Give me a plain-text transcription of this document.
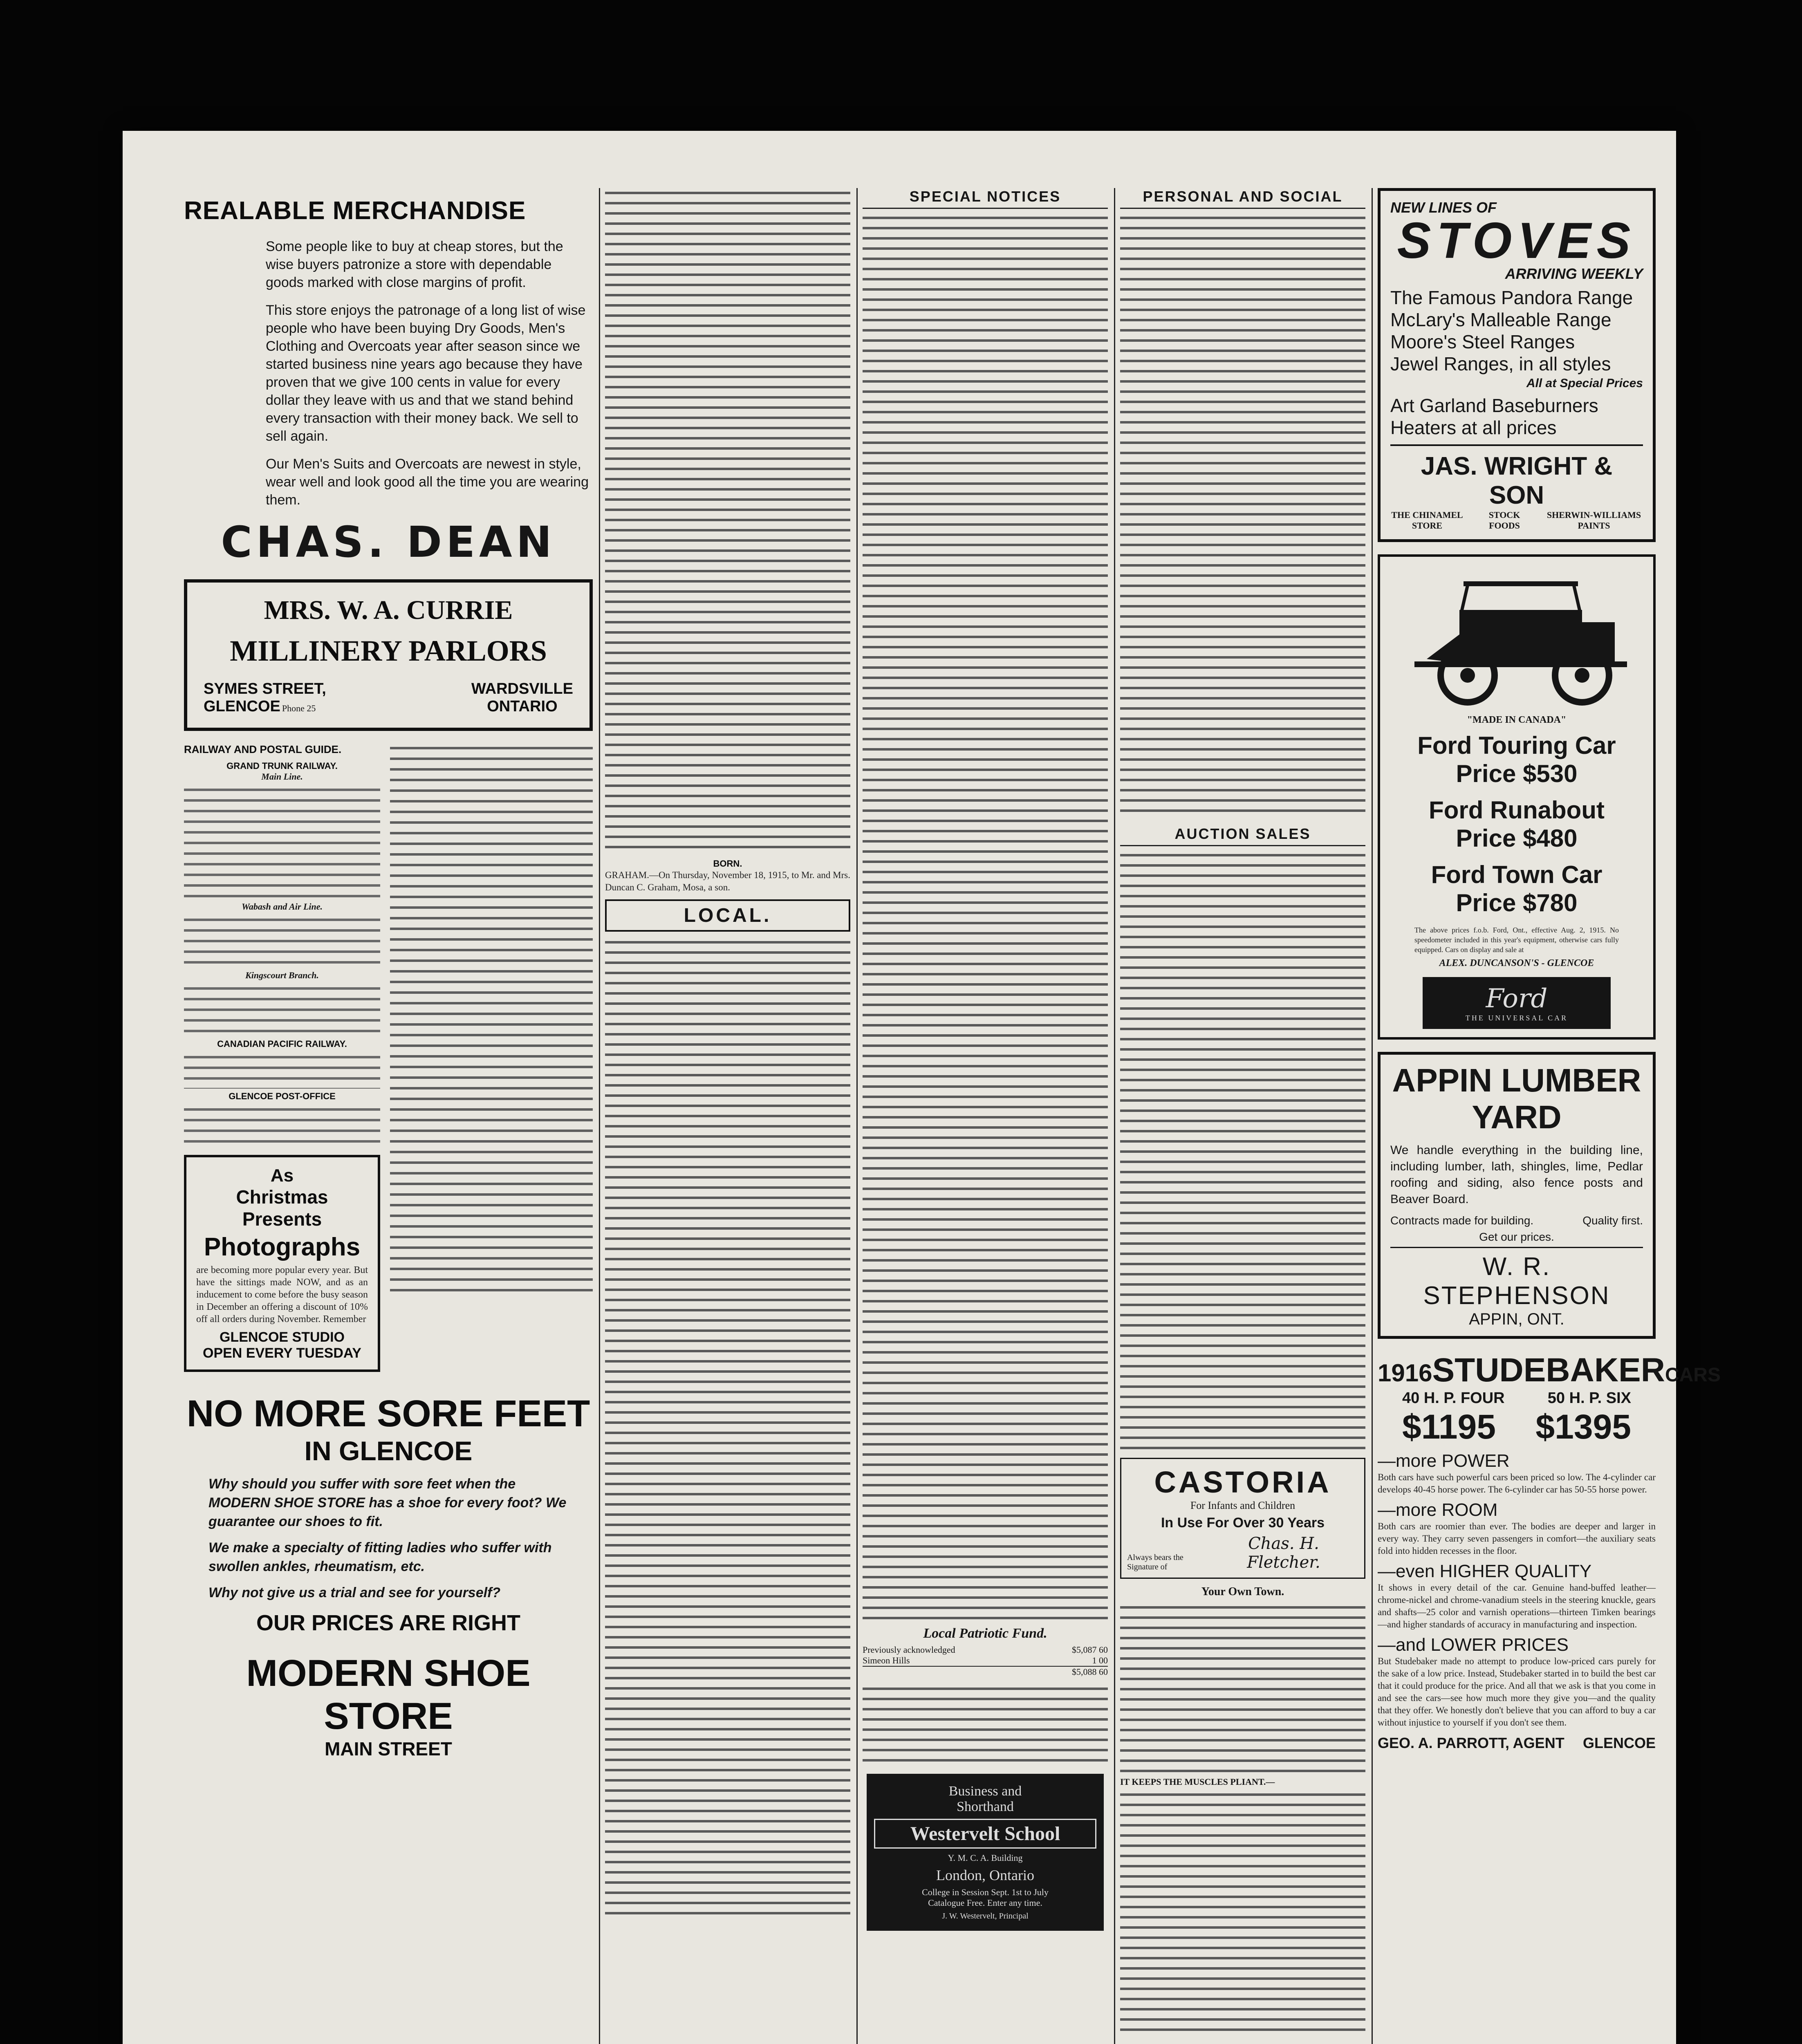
REALABLE MERCHANDISE

Some people like to buy at cheap stores, but the wise buyers patronize a store with dependable goods marked with close margins of profit.

This store enjoys the patronage of a long list of wise people who have been buying Dry Goods, Men's Clothing and Overcoats year after season since we started business nine years ago because they have proven that we give 100 cents in value for every dollar they leave with us and that we stand behind every transaction with their money back. We sell to sell again.

Our Men's Suits and Overcoats are newest in style, wear well and look good all the time you are wearing them.

CHAS. DEAN
MRS. W. A. CURRIE
MILLINERY PARLORS
SYMES STREET,
GLENCOE Phone 25
WARDSVILLE
ONTARIO
RAILWAY AND POSTAL GUIDE.
GRAND TRUNK RAILWAY.
Main Line.
Wabash and Air Line.
Kingscourt Branch.
CANADIAN PACIFIC RAILWAY.
GLENCOE POST-OFFICE
As
Christmas Presents
Photographs

are becoming more popular every year. But have the sittings made NOW, and as an inducement to come before the busy season in December an offering a discount of 10% off all orders during November. Remember

GLENCOE STUDIO
OPEN EVERY TUESDAY
NO MORE SORE FEET
IN GLENCOE

Why should you suffer with sore feet when the MODERN SHOE STORE has a shoe for every foot? We guarantee our shoes to fit.

We make a specialty of fitting ladies who suffer with swollen ankles, rheumatism, etc.

Why not give us a trial and see for yourself?

OUR PRICES ARE RIGHT
MODERN SHOE STORE
MAIN STREET
BORN.

GRAHAM.—On Thursday, November 18, 1915, to Mr. and Mrs. Duncan C. Graham, Mosa, a son.

LOCAL.
SPECIAL NOTICES
Local Patriotic Fund.
Previously acknowledged	$5,087 60
Simeon Hills	1 00
$5,088 60
Business and
Shorthand
Westervelt School
Y. M. C. A. Building
London, Ontario
College in Session Sept. 1st to July
Catalogue Free. Enter any time.
J. W. Westervelt, Principal
PERSONAL AND SOCIAL
AUCTION SALES
CASTORIA
For Infants and Children
In Use For Over 30 Years
Always bears the Signature of
Chas. H. Fletcher.
Your Own Town.
IT KEEPS THE MUSCLES PLIANT.—
NEW LINES OF
STOVES
ARRIVING WEEKLY
The Famous Pandora Range
McLary's Malleable Range
Moore's Steel Ranges
Jewel Ranges, in all styles
All at Special Prices
Art Garland Baseburners
Heaters at all prices
JAS. WRIGHT & SON
THE CHINAMEL STORE
STOCK FOODS
SHERWIN-WILLIAMS PAINTS
"MADE IN CANADA"
Ford Touring Car
Price $530
Ford Runabout
Price $480
Ford Town Car
Price $780

The above prices f.o.b. Ford, Ont., effective Aug. 2, 1915. No speedometer included in this year's equipment, otherwise cars fully equipped. Cars on display and sale at

ALEX. DUNCANSON'S - GLENCOE
Ford
THE UNIVERSAL CAR
APPIN LUMBER YARD

We handle everything in the building line, including lumber, lath, shingles, lime, Pedlar roofing and siding, also fence posts and Beaver Board.

Contracts made for building.	Quality first.
Get our prices.
W. R. STEPHENSON
APPIN, ONT.
1916 STUDEBAKER CARS
40 H. P. FOUR	50 H. P. SIX
$1195 $1395
—more POWER

Both cars have such powerful cars been priced so low. The 4-cylinder car develops 40-45 horse power. The 6-cylinder car has 50-55 horse power.

—more ROOM

Both cars are roomier than ever. The bodies are deeper and larger in every way. They carry seven passengers in comfort—the auxiliary seats fold into hidden recesses in the floor.

—even HIGHER QUALITY

It shows in every detail of the car. Genuine hand-buffed leather—chrome-nickel and chrome-vanadium steels in the steering knuckle, gears and shafts—25 color and varnish operations—thirteen Timken bearings—and higher standards of accuracy in manufacturing and inspection.

—and LOWER PRICES

But Studebaker made no attempt to produce low-priced cars purely for the sake of a low price. Instead, Studebaker started in to build the best car that it could produce for the price. And all that we ask is that you come in and see the cars—see how much more they give you—and the quality that they offer. We honestly don't believe that you can afford to buy a car without injustice to yourself if you don't see them.

GEO. A. PARROTT, AGENT GLENCOE
